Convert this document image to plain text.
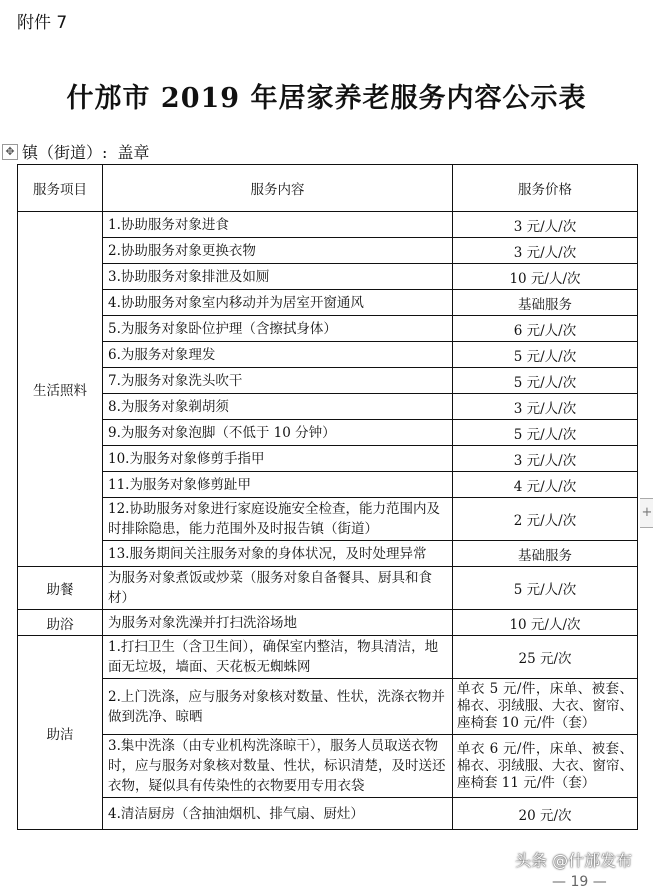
附件 7
什邡市 2019 年居家养老服务内容公示表
✥ 镇（街道）: 盖章
服务项目	服务内容	服务价格
生活照料	1.协助服务对象进食	3 元/人/次
	2.协助服务对象更换衣物	3 元/人/次
	3.协助服务对象排泄及如厕	10 元/人/次
	4.协助服务对象室内移动并为居室开窗通风	基础服务
	5.为服务对象卧位护理（含擦拭身体）	6 元/人/次
	6.为服务对象理发	5 元/人/次
	7.为服务对象洗头吹干	5 元/人/次
	8.为服务对象剃胡须	3 元/人/次
	9.为服务对象泡脚（不低于 10 分钟）	5 元/人/次
	10.为服务对象修剪手指甲	3 元/人/次
	11.为服务对象修剪趾甲	4 元/人/次
	12.协助服务对象进行家庭设施安全检查，能力范围内及时排除隐患，能力范围外及时报告镇（街道）	2 元/人/次
	13.服务期间关注服务对象的身体状况，及时处理异常	基础服务
助餐	为服务对象煮饭或炒菜（服务对象自备餐具、厨具和食材）	5 元/人/次
助浴	为服务对象洗澡并打扫洗浴场地	10 元/人/次
助洁	1.打扫卫生（含卫生间），确保室内整洁，物具清洁，地面无垃圾，墙面、天花板无蜘蛛网	25 元/次
	2.上门洗涤，应与服务对象核对数量、性状，洗涤衣物并做到洗净、晾晒	单衣 5 元/件，床单、被套、棉衣、羽绒服、大衣、窗帘、座椅套 10 元/件（套）
	3.集中洗涤（由专业机构洗涤晾干），服务人员取送衣物时，应与服务对象核对数量、性状，标识清楚，及时送还衣物，疑似具有传染性的衣物要用专用衣袋	单衣 6 元/件，床单、被套、棉衣、羽绒服、大衣、窗帘、座椅套 11 元/件（套）
	4.清洁厨房（含抽油烟机、排气扇、厨灶）	20 元/次
+
头条 @什邡发布
— 19 —
